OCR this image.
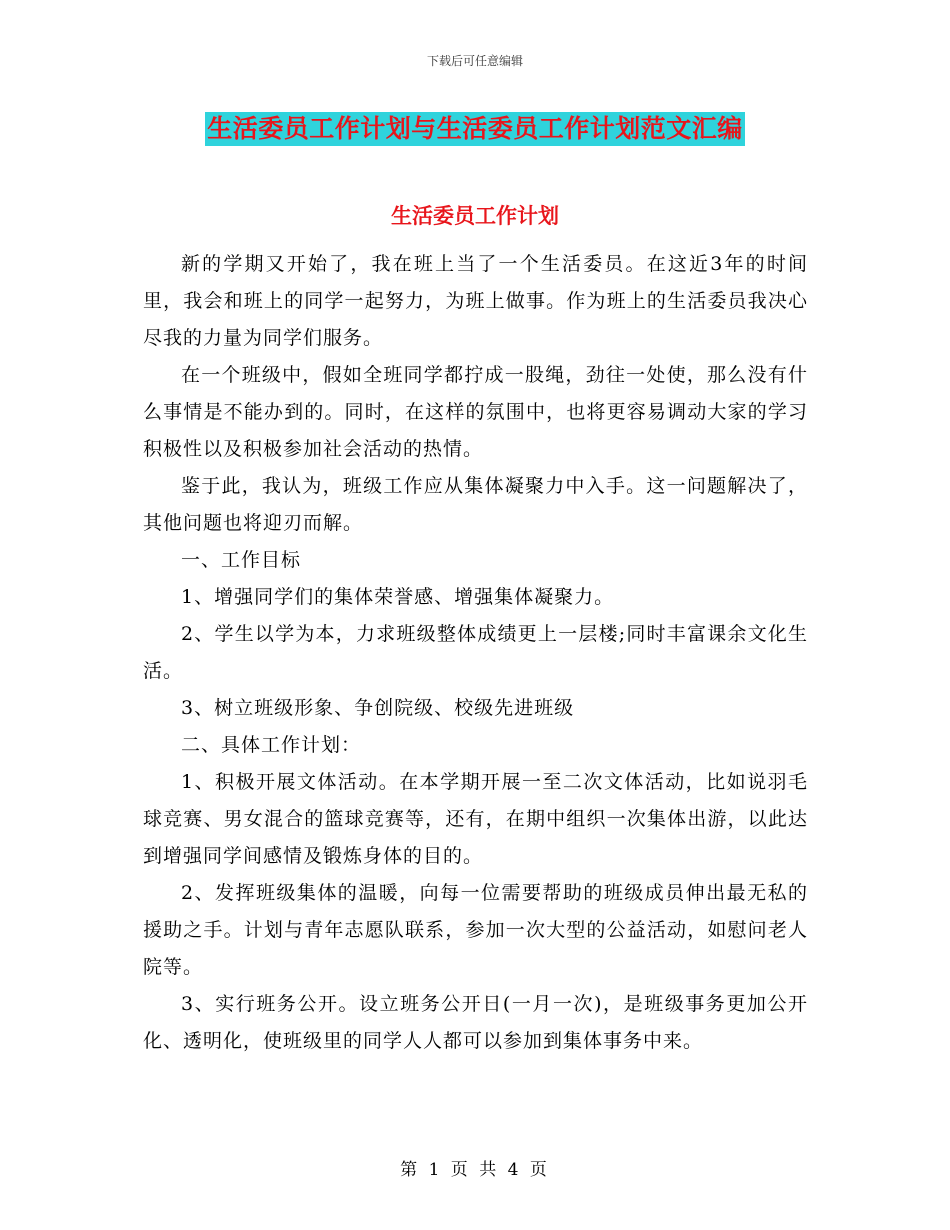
下载后可任意编辑
生活委员工作计划与生活委员工作计划范文汇编
生活委员工作计划

新的学期又开始了，我在班上当了一个生活委员。在这近3年的时间里，我会和班上的同学一起努力，为班上做事。作为班上的生活委员我决心尽我的力量为同学们服务。

在一个班级中，假如全班同学都拧成一股绳，劲往一处使，那么没有什么事情是不能办到的。同时，在这样的氛围中，也将更容易调动大家的学习积极性以及积极参加社会活动的热情。

鉴于此，我认为，班级工作应从集体凝聚力中入手。这一问题解决了，其他问题也将迎刃而解。

一、工作目标

1、增强同学们的集体荣誉感、增强集体凝聚力。

2、学生以学为本，力求班级整体成绩更上一层楼;同时丰富课余文化生活。

3、树立班级形象、争创院级、校级先进班级

二、具体工作计划：

1、积极开展文体活动。在本学期开展一至二次文体活动，比如说羽毛球竞赛、男女混合的篮球竞赛等，还有，在期中组织一次集体出游，以此达到增强同学间感情及锻炼身体的目的。

2、发挥班级集体的温暖，向每一位需要帮助的班级成员伸出最无私的援助之手。计划与青年志愿队联系，参加一次大型的公益活动，如慰问老人院等。

3、实行班务公开。设立班务公开日(一月一次)，是班级事务更加公开化、透明化，使班级里的同学人人都可以参加到集体事务中来。

第 1 页 共 4 页
